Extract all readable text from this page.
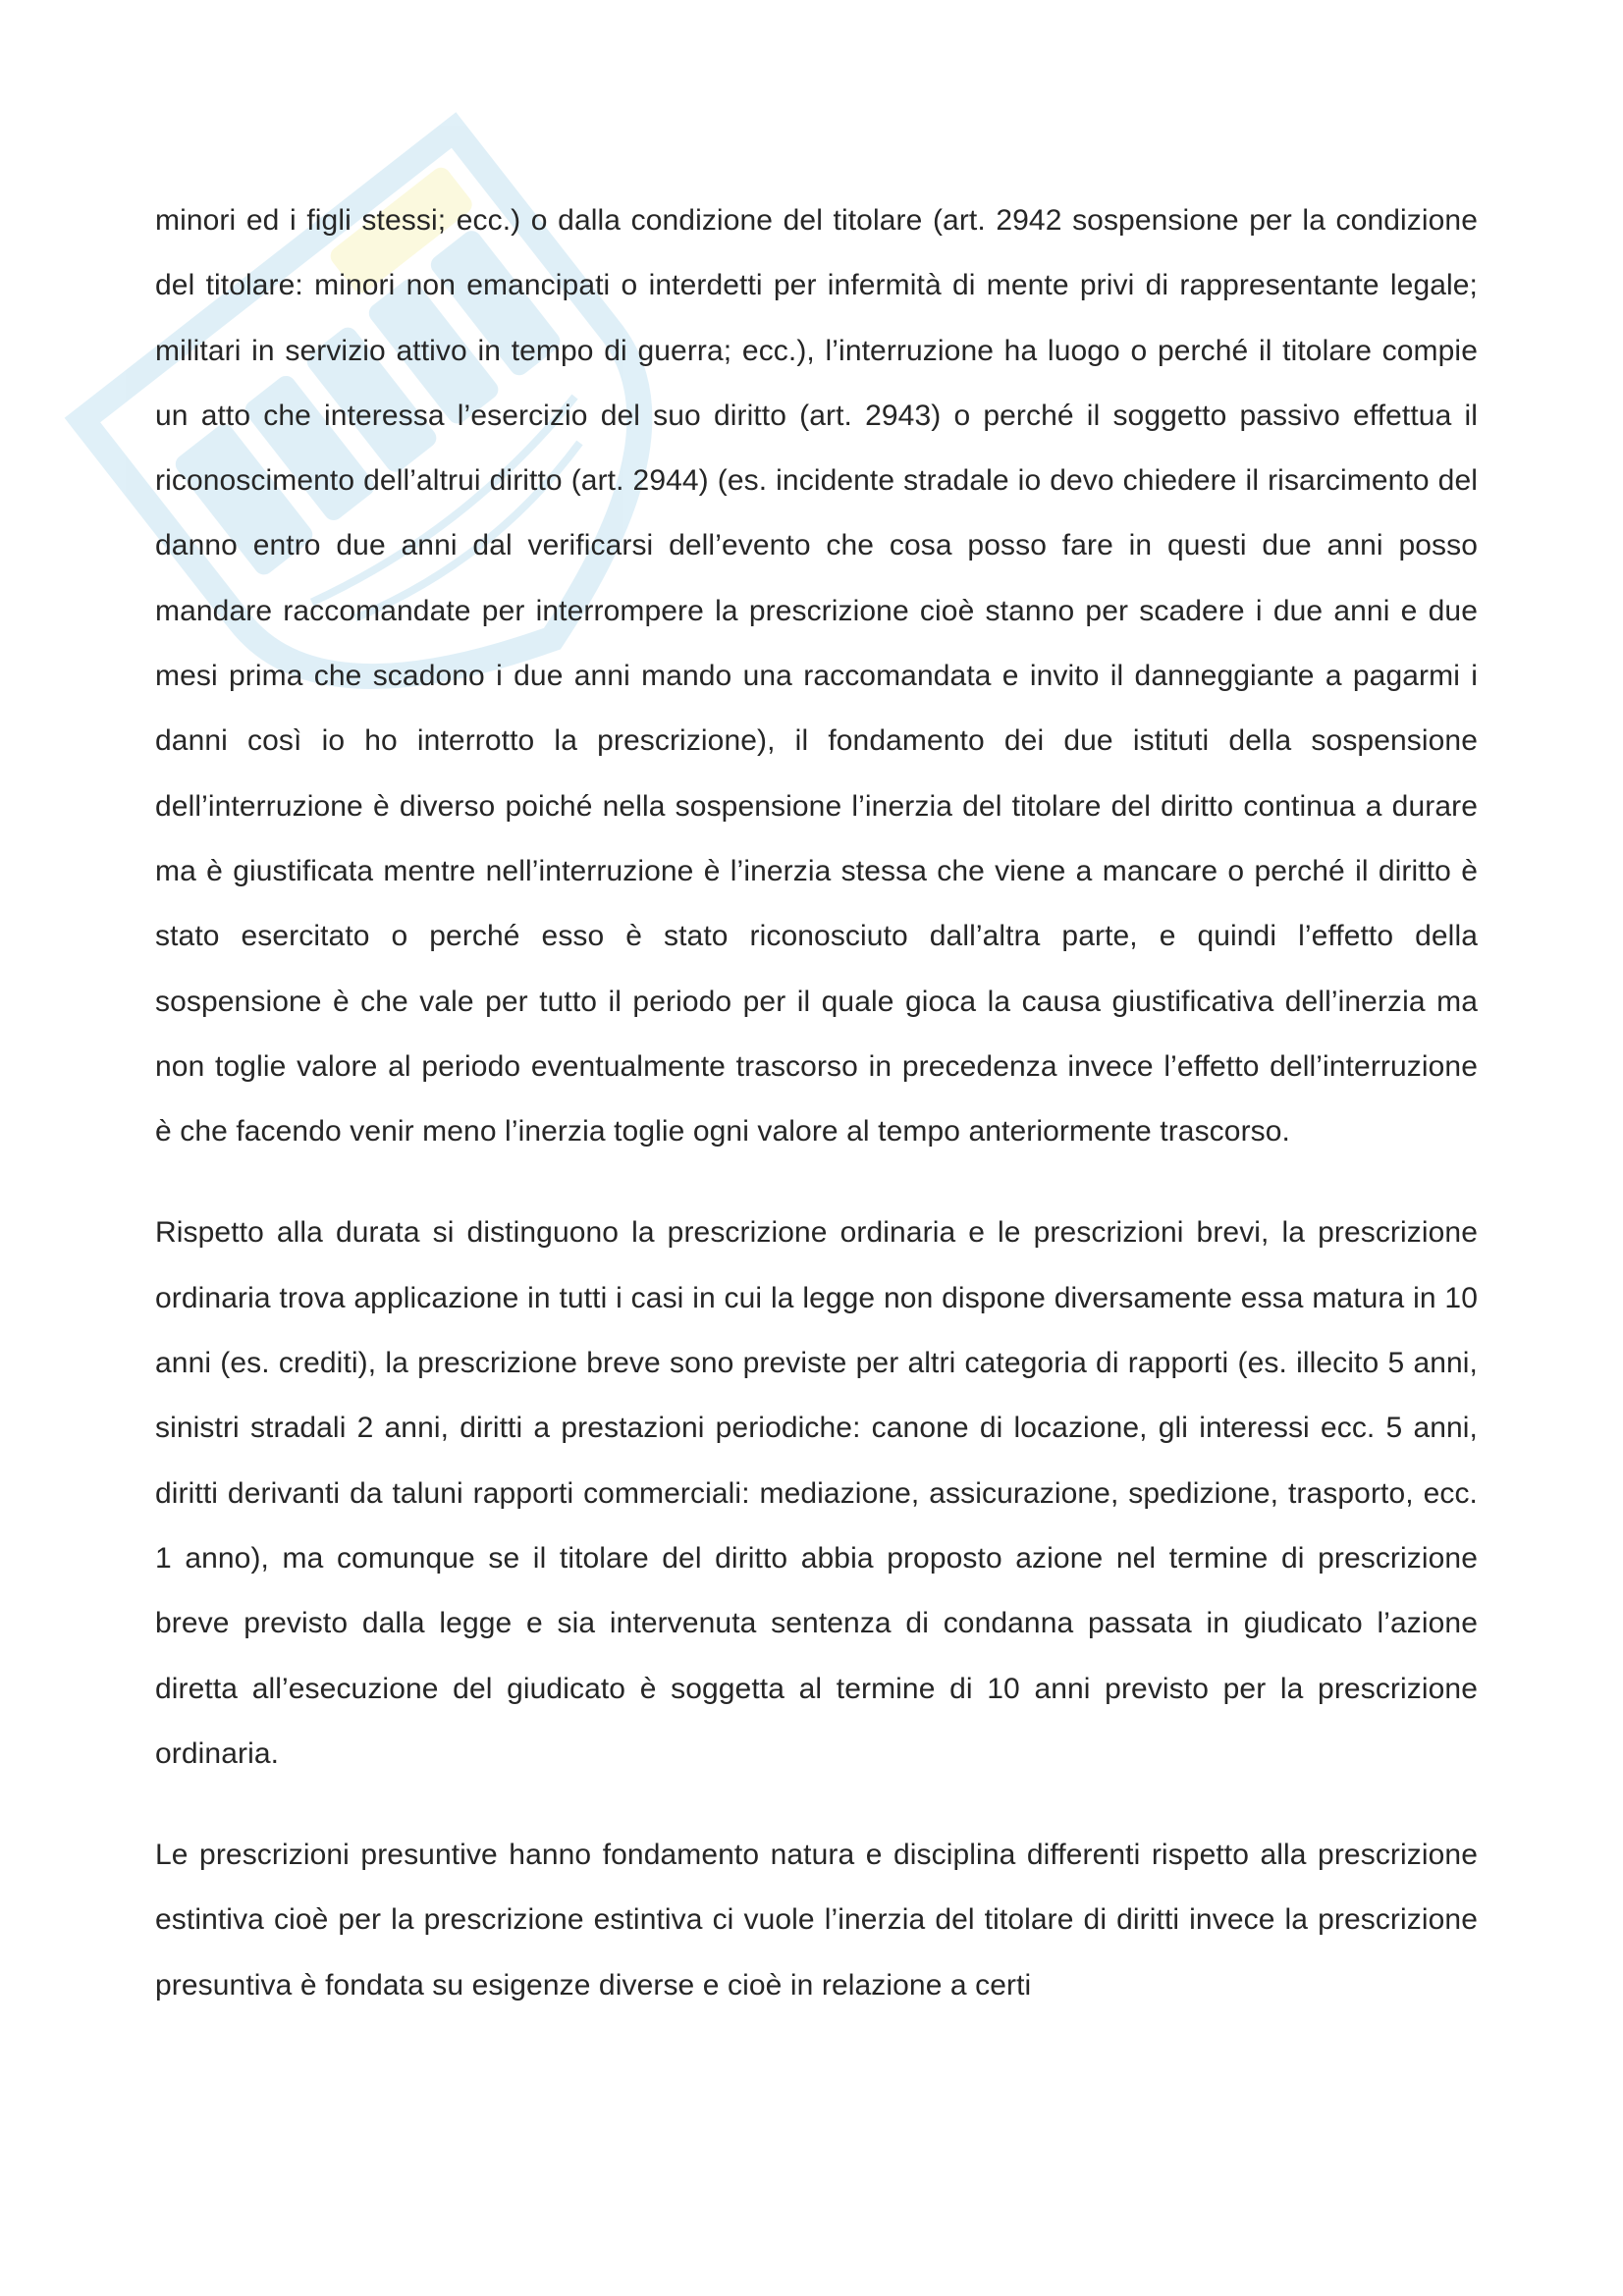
minori ed i figli stessi; ecc.) o dalla condizione del titolare (art. 2942 sospensione per la condizione del titolare: minori non emancipati o interdetti per infermità di mente privi di rappresentante legale; militari in servizio attivo in tempo di guerra; ecc.), l’interruzione ha luogo o perché il titolare compie un atto che interessa l’esercizio del suo diritto (art. 2943) o perché il soggetto passivo effettua il riconoscimento dell’altrui diritto (art. 2944) (es. incidente stradale io devo chiedere il risarcimento del danno entro due anni dal verificarsi dell’evento che cosa posso fare in questi due anni posso mandare raccomandate per interrompere la prescrizione cioè stanno per scadere i due anni e due mesi prima che scadono i due anni mando una raccomandata e invito il danneggiante a pagarmi i danni così io ho interrotto la prescrizione), il fondamento dei due istituti della sospensione dell’interruzione è diverso poiché nella sospensione l’inerzia del titolare del diritto continua a durare ma è giustificata mentre nell’interruzione è l’inerzia stessa che viene a mancare o perché il diritto è stato esercitato o perché esso è stato riconosciuto dall’altra parte, e quindi l’effetto della sospensione è che vale per tutto il periodo per il quale gioca la causa giustificativa dell’inerzia ma non toglie valore al periodo eventualmente trascorso in precedenza invece l’effetto dell’interruzione è che facendo venir meno l’inerzia toglie ogni valore al tempo anteriormente trascorso.

Rispetto alla durata si distinguono la prescrizione ordinaria e le prescrizioni brevi, la prescrizione ordinaria trova applicazione in tutti i casi in cui la legge non dispone diversamente essa matura in 10 anni (es. crediti), la prescrizione breve sono previste per altri categoria di rapporti (es. illecito 5 anni, sinistri stradali 2 anni, diritti a prestazioni periodiche: canone di locazione, gli interessi ecc. 5 anni, diritti derivanti da taluni rapporti commerciali: mediazione, assicurazione, spedizione, trasporto, ecc. 1 anno), ma comunque se il titolare del diritto abbia proposto azione nel termine di prescrizione breve previsto dalla legge e sia intervenuta sentenza di condanna passata in giudicato l’azione diretta all’esecuzione del giudicato è soggetta al termine di 10 anni previsto per la prescrizione ordinaria.

Le prescrizioni presuntive hanno fondamento natura e disciplina differenti rispetto alla prescrizione estintiva cioè per la prescrizione estintiva ci vuole l’inerzia del titolare di diritti invece la prescrizione presuntiva è fondata su esigenze diverse e cioè in relazione a certi
